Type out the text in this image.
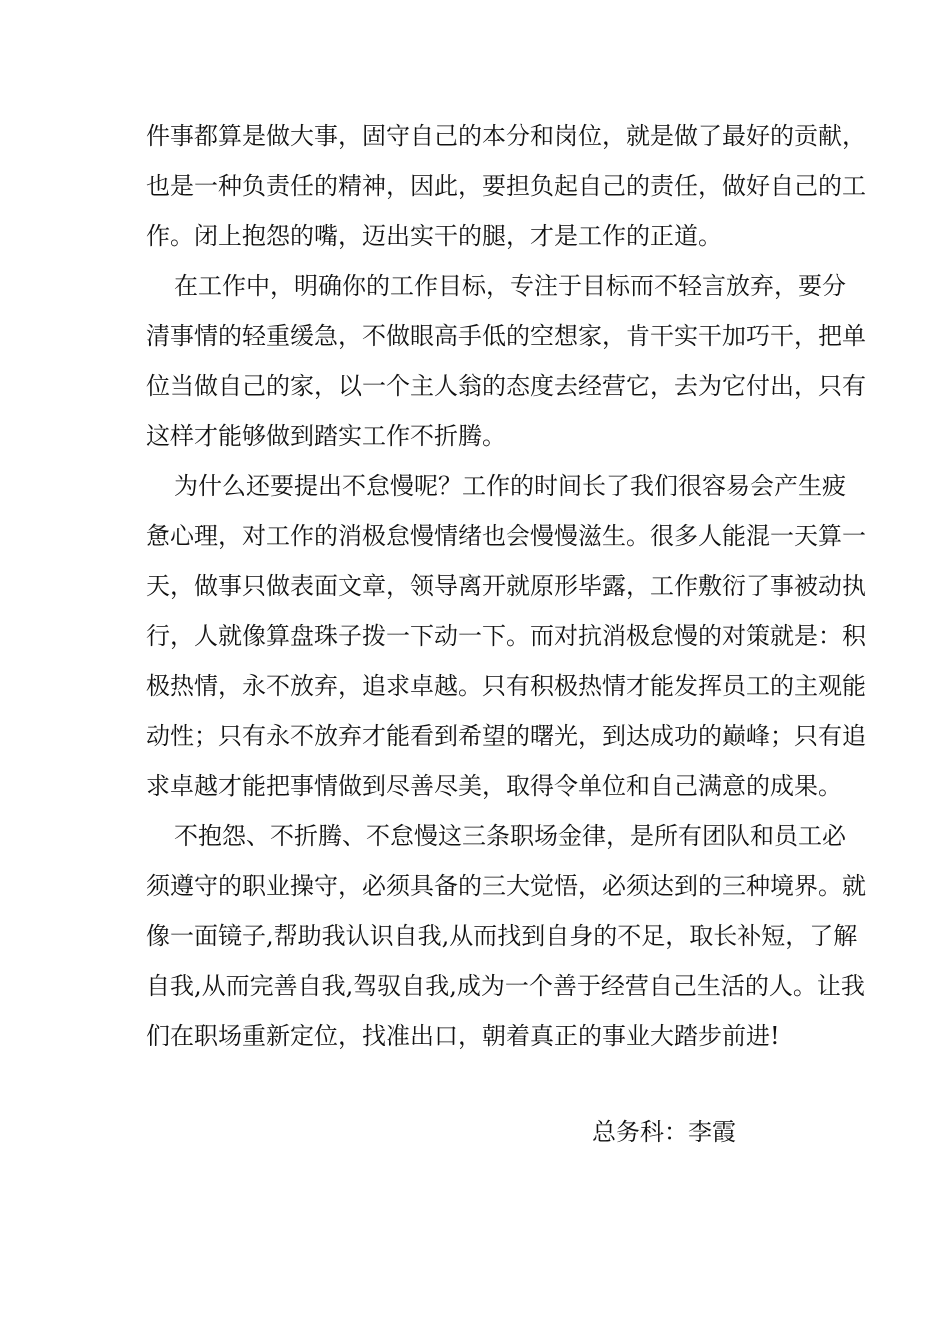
件事都算是做大事，固守自己的本分和岗位，就是做了最好的贡献，
也是一种负责任的精神，因此，要担负起自己的责任，做好自己的工
作。闭上抱怨的嘴，迈出实干的腿，才是工作的正道。
在工作中，明确你的工作目标，专注于目标而不轻言放弃，要分
清事情的轻重缓急，不做眼高手低的空想家，肯干实干加巧干，把单
位当做自己的家，以一个主人翁的态度去经营它，去为它付出，只有
这样才能够做到踏实工作不折腾。
为什么还要提出不怠慢呢？工作的时间长了我们很容易会产生疲
惫心理，对工作的消极怠慢情绪也会慢慢滋生。很多人能混一天算一
天，做事只做表面文章，领导离开就原形毕露，工作敷衍了事被动执
行，人就像算盘珠子拨一下动一下。而对抗消极怠慢的对策就是：积
极热情，永不放弃，追求卓越。只有积极热情才能发挥员工的主观能
动性；只有永不放弃才能看到希望的曙光，到达成功的巅峰；只有追
求卓越才能把事情做到尽善尽美，取得令单位和自己满意的成果。
不抱怨、不折腾、不怠慢这三条职场金律，是所有团队和员工必
须遵守的职业操守，必须具备的三大觉悟，必须达到的三种境界。就
像一面镜子,帮助我认识自我,从而找到自身的不足，取长补短，了解
自我,从而完善自我,驾驭自我,成为一个善于经营自己生活的人。让我
们在职场重新定位，找准出口，朝着真正的事业大踏步前进!
总务科：李霞
